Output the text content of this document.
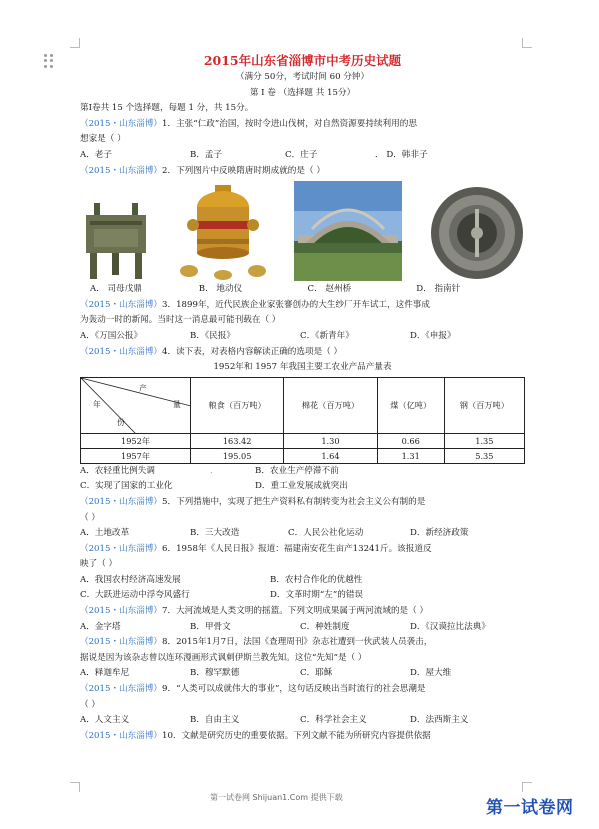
2015年山东省淄博市中考历史试题
（满分 50分，考试时间 60 分钟）
第 I 卷 （选择题 共 15分）
第Ⅰ卷共 15 个选择题，每题 1 分，共 15分。
（2015・山东淄博）1．主张“仁政”治国，按时令进山伐树，对自然资源要持续利用的思
想家是（ ）
A．老子	B．孟子	C．庄子	． D．韩非子
（2015・山东淄博）2．下列图片中反映隋唐时期成就的是（ ）
A． 司母戊鼎	B． 地动仪	C． 赵州桥	D． 指南针
（2015・山东淄博）3．1899年，近代民族企业家张謇创办的大生纱厂开车试工，这件事成
为轰动一时的新闻。当时这一消息最可能刊载在（ ）
A．《万国公报》	B．《民报》	C．《新青年》	D．《申报》
（2015・山东淄博）4．读下表，对表格内容解读正确的选项是（ ）
1952年和 1957 年我国主要工农业产品产量表
产
量
年
份	粮食（百万吨）	棉花（百万吨）	煤（亿吨）	钢（百万吨）
1952年	163.42	1.30	0.66	1.35
1957年	195.05	1.64	1.31	5.35
A．农轻重比例失调	．	B．农业生产停滞不前
C．实现了国家的工业化	D．重工业发展成就突出
（2015・山东淄博）5．下列措施中，实现了把生产资料私有制转变为社会主义公有制的是
（ ）
A．土地改革	B．三大改造	C．人民公社化运动	D．新经济政策
（2015・山东淄博）6．1958年《人民日报》报道：福建南安花生亩产13241斤。该报道反
映了（ ）
A．我国农村经济高速发展	B．农村合作化的优越性
C．大跃进运动中浮夸风盛行	D．文革时期“左”的错误
（2015・山东淄博）7．大河流域是人类文明的摇篮。下列文明成果属于两河流域的是（ ）
A．金字塔	B．甲骨文	C．种姓制度	D．《汉谟拉比法典》
（2015・山东淄博）8．2015年1月7日，法国《查理周刊》杂志社遭到一伙武装人员袭击，
据说是因为该杂志曾以连环漫画形式讽刺伊斯兰教先知。这位“先知”是（ ）
A．释迦牟尼	B．穆罕默德	C．耶稣	D．屋大维
（2015・山东淄博）9．“人类可以成就伟大的事业”，这句话反映出当时流行的社会思潮是
（ ）
A．人文主义	B．自由主义	C．科学社会主义	D．法西斯主义
（2015・山东淄博）10．文献是研究历史的重要依据。下列文献不能为所研究内容提供依据
第一试卷网 Shijuan1.Com 提供下载
第一试卷网
